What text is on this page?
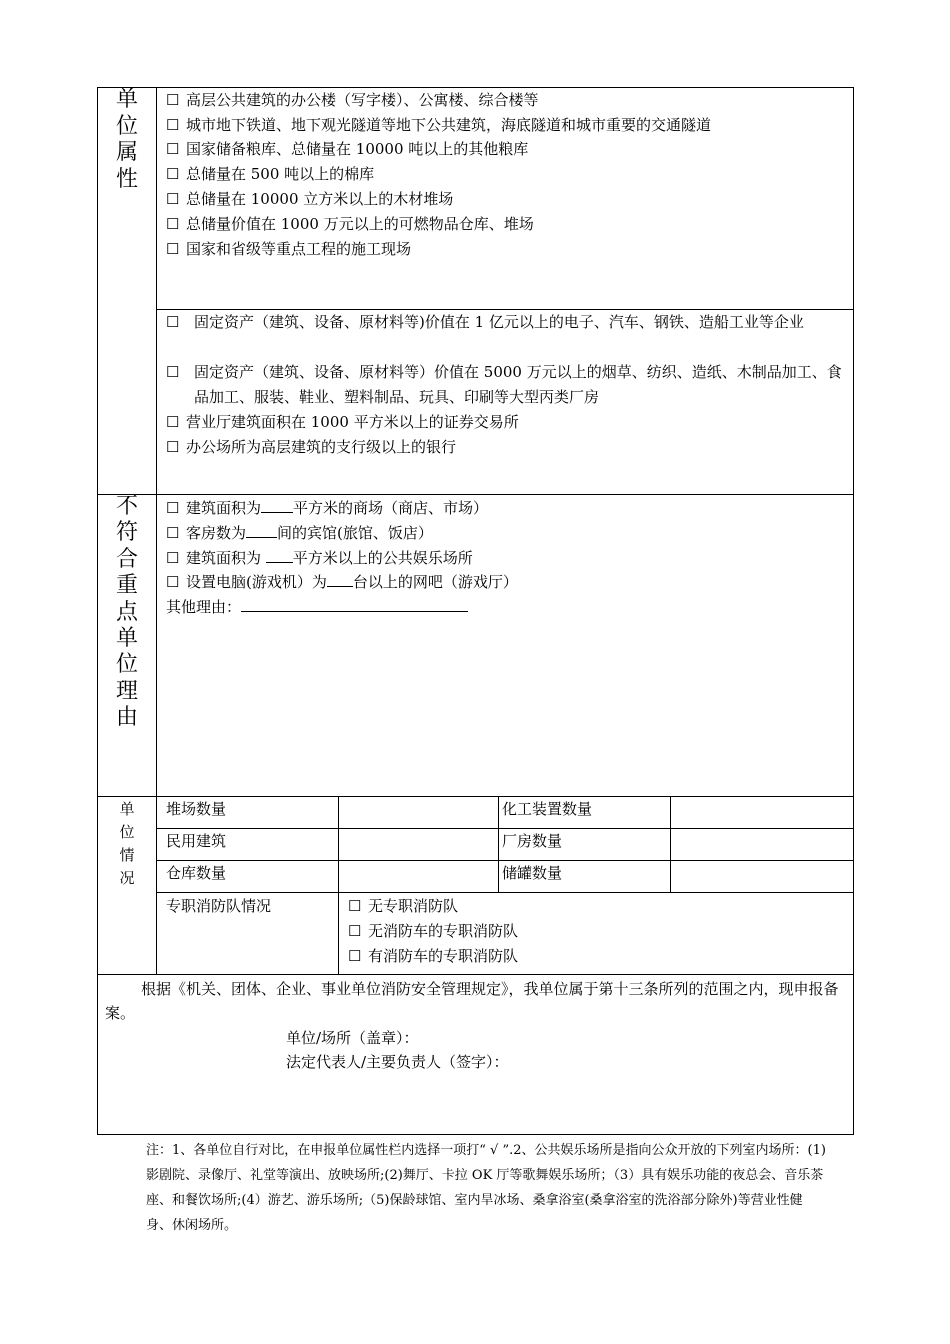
单
位
属
性
☐ 高层公共建筑的办公楼（写字楼）、公寓楼、综合楼等
☐ 城市地下铁道、地下观光隧道等地下公共建筑，海底隧道和城市重要的交通隧道
☐ 国家储备粮库、总储量在 10000 吨以上的其他粮库
☐ 总储量在 500 吨以上的棉库
☐ 总储量在 10000 立方米以上的木材堆场
☐ 总储量价值在 1000 万元以上的可燃物品仓库、堆场
☐ 国家和省级等重点工程的施工现场
☐ 固定资产（建筑、设备、原材料等)价值在 1 亿元以上的电子、汽车、钢铁、造船工业等企业
☐ 固定资产（建筑、设备、原材料等）价值在 5000 万元以上的烟草、纺织、造纸、木制品加工、食品加工、服装、鞋业、塑料制品、玩具、印刷等大型丙类厂房
☐ 营业厅建筑面积在 1000 平方米以上的证券交易所
☐ 办公场所为高层建筑的支行级以上的银行
不
符
合
重
点
单
位
理
由
☐ 建筑面积为 平方米的商场（商店、市场）
☐ 客房数为 间的宾馆(旅馆、饭店）
☐ 建筑面积为 平方米以上的公共娱乐场所
☐ 设置电脑(游戏机）为 台以上的网吧（游戏厅）
其他理由：
单
位
情
况
堆场数量	化工装置数量
民用建筑	厂房数量
仓库数量	储罐数量
专职消防队情况	☐ 无专职消防队
☐ 无消防车的专职消防队
☐ 有消防车的专职消防队
根据《机关、团体、企业、事业单位消防安全管理规定》，我单位属于第十三条所列的范围之内，现申报备案。
单位/场所（盖章）：
法定代表人/主要负责人（签字）：
注：1、各单位自行对比，在申报单位属性栏内选择一项打“ √ ”.2、公共娱乐场所是指向公众开放的下列室内场所：(1)影剧院、录像厅、礼堂等演出、放映场所;(2)舞厅、卡拉 OK 厅等歌舞娱乐场所；（3）具有娱乐功能的夜总会、音乐茶座、和餐饮场所;(4）游艺、游乐场所;（5)保龄球馆、室内旱冰场、桑拿浴室(桑拿浴室的洗浴部分除外)等营业性健身、休闲场所。
